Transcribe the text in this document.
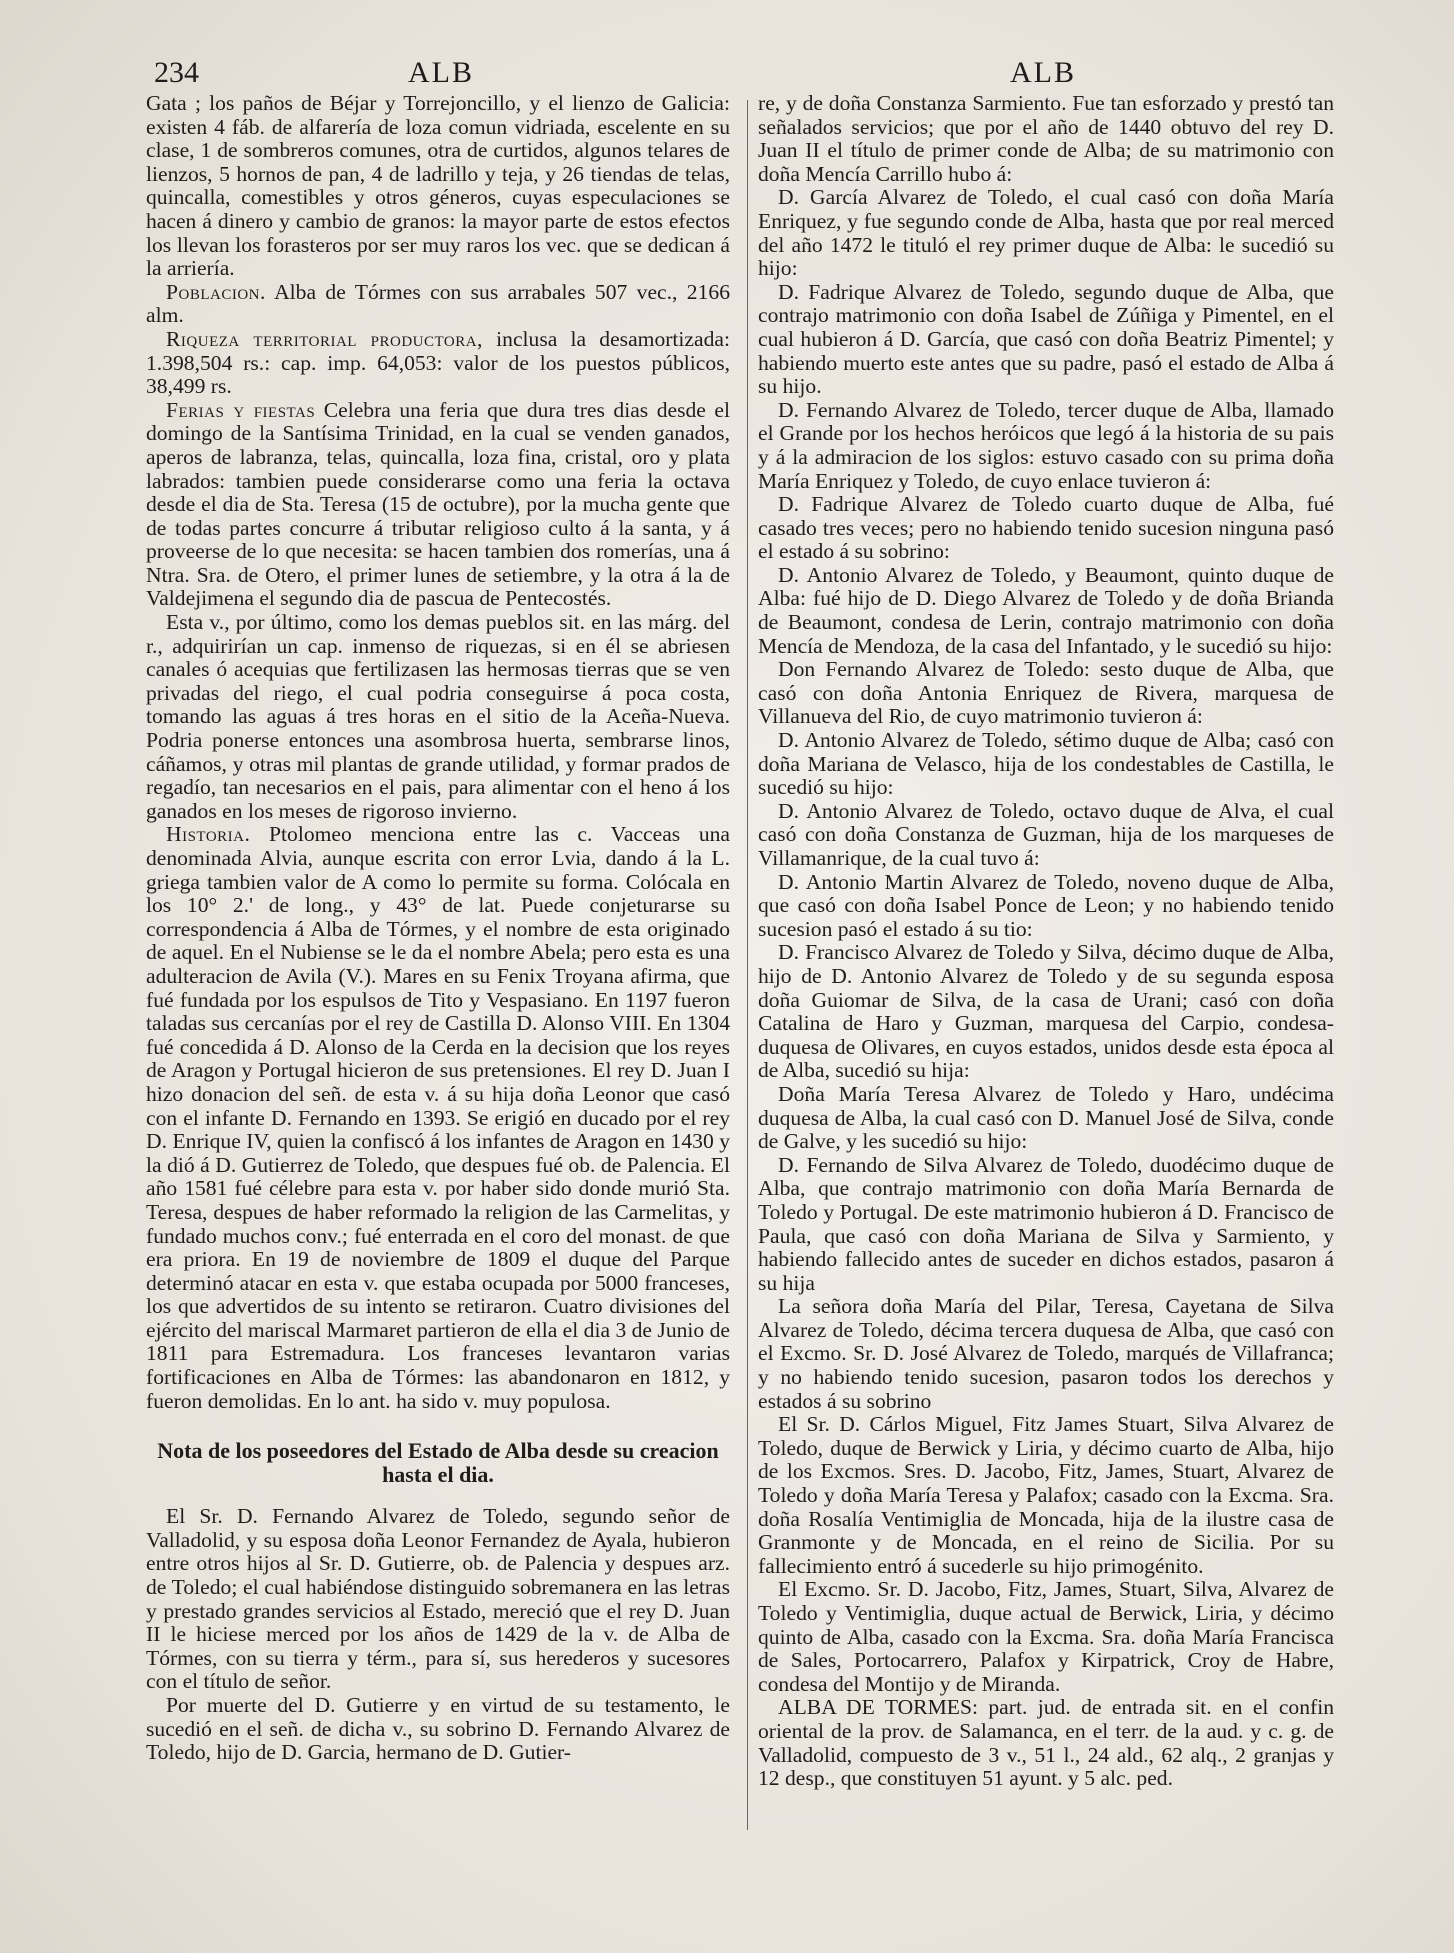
234	ALB	ALB

Gata ; los paños de Béjar y Torrejoncillo, y el lienzo de Galicia: existen 4 fáb. de alfarería de loza comun vidriada, escelente en su clase, 1 de sombreros comunes, otra de curtidos, algunos telares de lienzos, 5 hornos de pan, 4 de ladrillo y teja, y 26 tiendas de telas, quincalla, comestibles y otros géneros, cuyas especulaciones se hacen á dinero y cambio de granos: la mayor parte de estos efectos los llevan los forasteros por ser muy raros los vec. que se dedican á la arriería.

Poblacion. Alba de Tórmes con sus arrabales 507 vec., 2166 alm.

Riqueza territorial productora, inclusa la desamortizada: 1.398,504 rs.: cap. imp. 64,053: valor de los puestos públicos, 38,499 rs.

Ferias y fiestas Celebra una feria que dura tres dias desde el domingo de la Santísima Trinidad, en la cual se venden ganados, aperos de labranza, telas, quincalla, loza fina, cristal, oro y plata labrados: tambien puede considerarse como una feria la octava desde el dia de Sta. Teresa (15 de octubre), por la mucha gente que de todas partes concurre á tributar religioso culto á la santa, y á proveerse de lo que necesita: se hacen tambien dos romerías, una á Ntra. Sra. de Otero, el primer lunes de setiembre, y la otra á la de Valdejimena el segundo dia de pascua de Pentecostés.

Esta v., por último, como los demas pueblos sit. en las márg. del r., adquirirían un cap. inmenso de riquezas, si en él se abriesen canales ó acequias que fertilizasen las hermosas tierras que se ven privadas del riego, el cual podria conseguirse á poca costa, tomando las aguas á tres horas en el sitio de la Aceña-Nueva. Podria ponerse entonces una asombrosa huerta, sembrarse linos, cáñamos, y otras mil plantas de grande utilidad, y formar prados de regadío, tan necesarios en el pais, para alimentar con el heno á los ganados en los meses de rigoroso invierno.

Historia. Ptolomeo menciona entre las c. Vacceas una denominada Alvia, aunque escrita con error Lvia, dando á la L. griega tambien valor de A como lo permite su forma. Colócala en los 10° 2.' de long., y 43° de lat. Puede conjeturarse su correspondencia á Alba de Tórmes, y el nombre de esta originado de aquel. En el Nubiense se le da el nombre Abela; pero esta es una adulteracion de Avila (V.). Mares en su Fenix Troyana afirma, que fué fundada por los espulsos de Tito y Vespasiano. En 1197 fueron taladas sus cercanías por el rey de Castilla D. Alonso VIII. En 1304 fué concedida á D. Alonso de la Cerda en la decision que los reyes de Aragon y Portugal hicieron de sus pretensiones. El rey D. Juan I hizo donacion del señ. de esta v. á su hija doña Leonor que casó con el infante D. Fernando en 1393. Se erigió en ducado por el rey D. Enrique IV, quien la confiscó á los infantes de Aragon en 1430 y la dió á D. Gutierrez de Toledo, que despues fué ob. de Palencia. El año 1581 fué célebre para esta v. por haber sido donde murió Sta. Teresa, despues de haber reformado la religion de las Carmelitas, y fundado muchos conv.; fué enterrada en el coro del monast. de que era priora. En 19 de noviembre de 1809 el duque del Parque determinó atacar en esta v. que estaba ocupada por 5000 franceses, los que advertidos de su intento se retiraron. Cuatro divisiones del ejército del mariscal Marmaret partieron de ella el dia 3 de Junio de 1811 para Estremadura. Los franceses levantaron varias fortificaciones en Alba de Tórmes: las abandonaron en 1812, y fueron demolidas. En lo ant. ha sido v. muy populosa.

Nota de los poseedores del Estado de Alba desde su creacion hasta el dia.

El Sr. D. Fernando Alvarez de Toledo, segundo señor de Valladolid, y su esposa doña Leonor Fernandez de Ayala, hubieron entre otros hijos al Sr. D. Gutierre, ob. de Palencia y despues arz. de Toledo; el cual habiéndose distinguido sobremanera en las letras y prestado grandes servicios al Estado, mereció que el rey D. Juan II le hiciese merced por los años de 1429 de la v. de Alba de Tórmes, con su tierra y térm., para sí, sus herederos y sucesores con el título de señor.

Por muerte del D. Gutierre y en virtud de su testamento, le sucedió en el señ. de dicha v., su sobrino D. Fernando Alvarez de Toledo, hijo de D. Garcia, hermano de D. Gutier-

re, y de doña Constanza Sarmiento. Fue tan esforzado y prestó tan señalados servicios; que por el año de 1440 obtuvo del rey D. Juan II el título de primer conde de Alba; de su matrimonio con doña Mencía Carrillo hubo á:

D. García Alvarez de Toledo, el cual casó con doña María Enriquez, y fue segundo conde de Alba, hasta que por real merced del año 1472 le tituló el rey primer duque de Alba: le sucedió su hijo:

D. Fadrique Alvarez de Toledo, segundo duque de Alba, que contrajo matrimonio con doña Isabel de Zúñiga y Pimentel, en el cual hubieron á D. García, que casó con doña Beatriz Pimentel; y habiendo muerto este antes que su padre, pasó el estado de Alba á su hijo.

D. Fernando Alvarez de Toledo, tercer duque de Alba, llamado el Grande por los hechos heróicos que legó á la historia de su pais y á la admiracion de los siglos: estuvo casado con su prima doña María Enriquez y Toledo, de cuyo enlace tuvieron á:

D. Fadrique Alvarez de Toledo cuarto duque de Alba, fué casado tres veces; pero no habiendo tenido sucesion ninguna pasó el estado á su sobrino:

D. Antonio Alvarez de Toledo, y Beaumont, quinto duque de Alba: fué hijo de D. Diego Alvarez de Toledo y de doña Brianda de Beaumont, condesa de Lerin, contrajo matrimonio con doña Mencía de Mendoza, de la casa del Infantado, y le sucedió su hijo:

Don Fernando Alvarez de Toledo: sesto duque de Alba, que casó con doña Antonia Enriquez de Rivera, marquesa de Villanueva del Rio, de cuyo matrimonio tuvieron á:

D. Antonio Alvarez de Toledo, sétimo duque de Alba; casó con doña Mariana de Velasco, hija de los condestables de Castilla, le sucedió su hijo:

D. Antonio Alvarez de Toledo, octavo duque de Alva, el cual casó con doña Constanza de Guzman, hija de los marqueses de Villamanrique, de la cual tuvo á:

D. Antonio Martin Alvarez de Toledo, noveno duque de Alba, que casó con doña Isabel Ponce de Leon; y no habiendo tenido sucesion pasó el estado á su tio:

D. Francisco Alvarez de Toledo y Silva, décimo duque de Alba, hijo de D. Antonio Alvarez de Toledo y de su segunda esposa doña Guiomar de Silva, de la casa de Urani; casó con doña Catalina de Haro y Guzman, marquesa del Carpio, condesa-duquesa de Olivares, en cuyos estados, unidos desde esta época al de Alba, sucedió su hija:

Doña María Teresa Alvarez de Toledo y Haro, undécima duquesa de Alba, la cual casó con D. Manuel José de Silva, conde de Galve, y les sucedió su hijo:

D. Fernando de Silva Alvarez de Toledo, duodécimo duque de Alba, que contrajo matrimonio con doña María Bernarda de Toledo y Portugal. De este matrimonio hubieron á D. Francisco de Paula, que casó con doña Mariana de Silva y Sarmiento, y habiendo fallecido antes de suceder en dichos estados, pasaron á su hija

La señora doña María del Pilar, Teresa, Cayetana de Silva Alvarez de Toledo, décima tercera duquesa de Alba, que casó con el Excmo. Sr. D. José Alvarez de Toledo, marqués de Villafranca; y no habiendo tenido sucesion, pasaron todos los derechos y estados á su sobrino

El Sr. D. Cárlos Miguel, Fitz James Stuart, Silva Alvarez de Toledo, duque de Berwick y Liria, y décimo cuarto de Alba, hijo de los Excmos. Sres. D. Jacobo, Fitz, James, Stuart, Alvarez de Toledo y doña María Teresa y Palafox; casado con la Excma. Sra. doña Rosalía Ventimiglia de Moncada, hija de la ilustre casa de Granmonte y de Moncada, en el reino de Sicilia. Por su fallecimiento entró á sucederle su hijo primogénito.

El Excmo. Sr. D. Jacobo, Fitz, James, Stuart, Silva, Alvarez de Toledo y Ventimiglia, duque actual de Berwick, Liria, y décimo quinto de Alba, casado con la Excma. Sra. doña María Francisca de Sales, Portocarrero, Palafox y Kirpatrick, Croy de Habre, condesa del Montijo y de Miranda.

ALBA DE TORMES: part. jud. de entrada sit. en el confin oriental de la prov. de Salamanca, en el terr. de la aud. y c. g. de Valladolid, compuesto de 3 v., 51 l., 24 ald., 62 alq., 2 granjas y 12 desp., que constituyen 51 ayunt. y 5 alc. ped.
